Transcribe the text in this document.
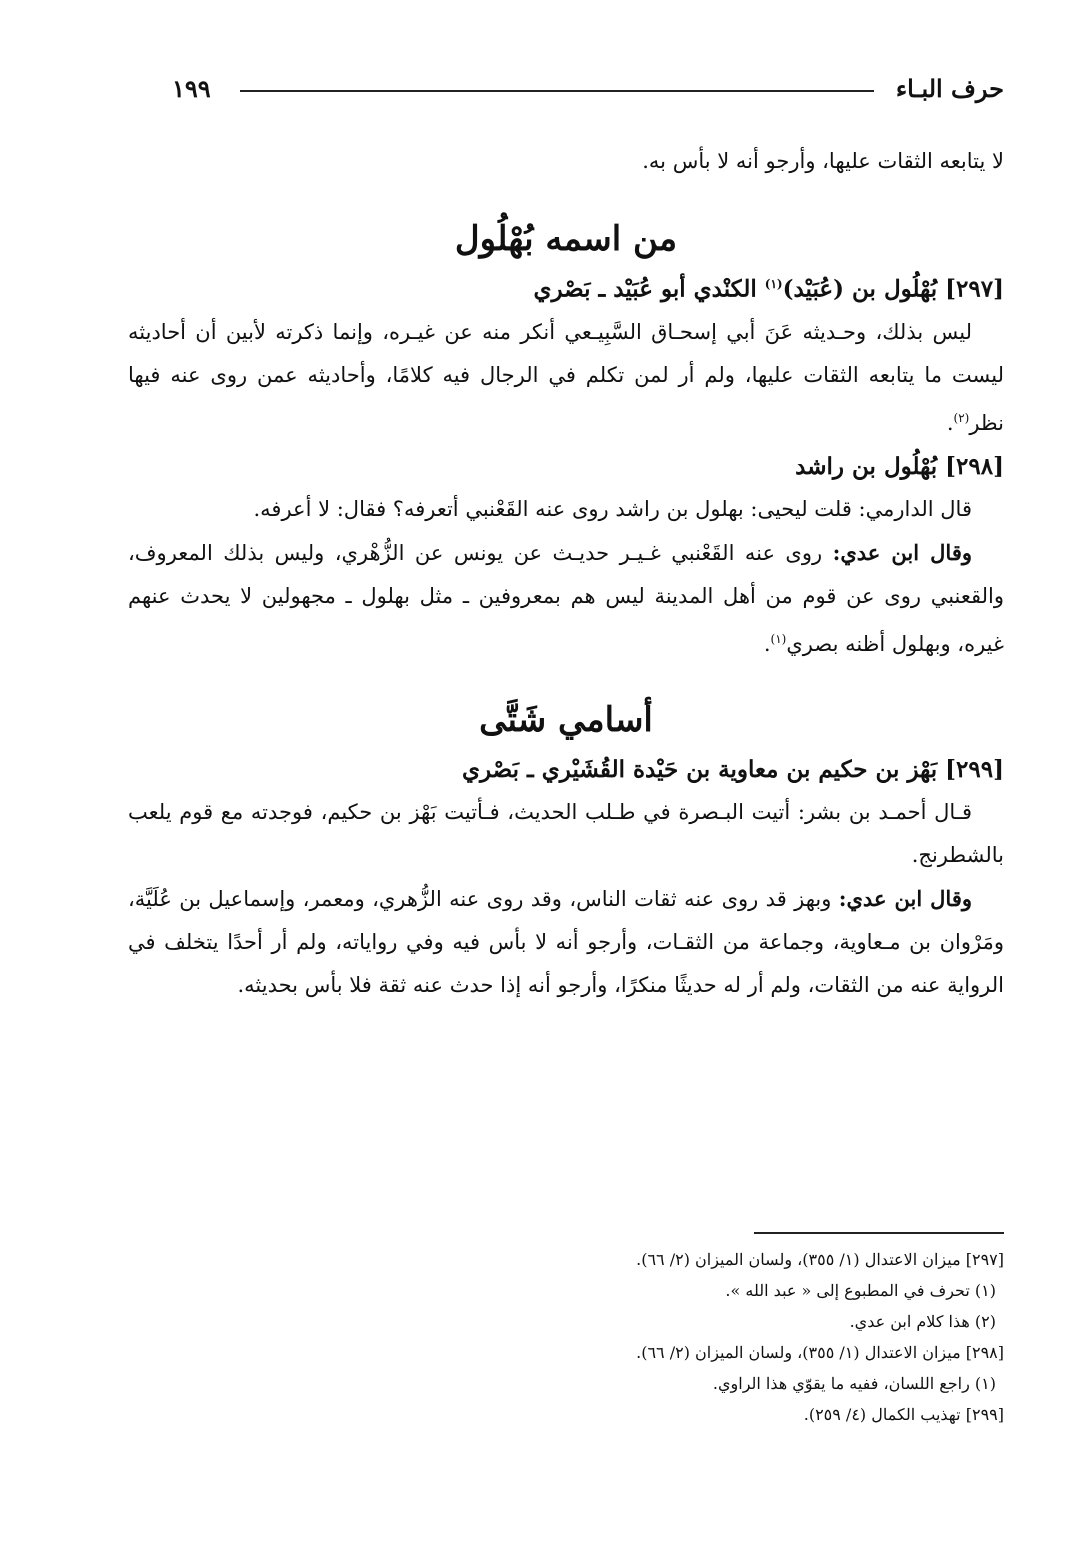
حرف البـاء
١٩٩

لا يتابعه الثقات عليها، وأرجو أنه لا بأس به.

من اسمه بُهْلُول

[٢٩٧] بُهْلُول بن (عُبَيْد)$^{(١)}$ الكنْدي أبو عُبَيْد ـ بَصْري

ليس بذلك، وحـديثه عَنَ أبي إسحـاق السَّبِيـعي أنكر منه عن غيـره، وإنما ذكرته لأبين أن أحاديثه ليست ما يتابعه الثقات عليها، ولم أر لمن تكلم في الرجال فيه كلامًا، وأحاديثه عمن روى عنه فيها نظر$^{(٢)}$.

[٢٩٨] بُهْلُول بن راشد

قال الدارمي: قلت ليحيى: بهلول بن راشد روى عنه القَعْنبي أتعرفه؟ فقال: لا أعرفه.

وقال ابن عدي: روى عنه القَعْنبي غـيـر حديـث عن يونس عن الزُّهْري، وليس بذلك المعروف، والقعنبي روى عن قوم من أهل المدينة ليس هم بمعروفين ـ مثل بهلول ـ مجهولين لا يحدث عنهم غيره، وبهلول أظنه بصري$^{(١)}$.

أسامي شَتَّى

[٢٩٩] بَهْز بن حكيم بن معاوية بن حَيْدة القُشَيْري ـ بَصْري

قـال أحمـد بن بشر: أتيت البـصرة في طـلب الحديث، فـأتيت بَهْز بن حكيم، فوجدته مع قوم يلعب بالشطرنج.

وقال ابن عدي: وبهز قد روى عنه ثقات الناس، وقد روى عنه الزُّهري، ومعمر، وإسماعيل بن عُلَيَّة، ومَرْوان بن مـعاوية، وجماعة من الثقـات، وأرجو أنه لا بأس فيه وفي رواياته، ولم أر أحدًا يتخلف في الرواية عنه من الثقات، ولم أر له حديثًا منكرًا، وأرجو أنه إذا حدث عنه ثقة فلا بأس بحديثه.

[٢٩٧] ميزان الاعتدال (١/ ٣٥٥)، ولسان الميزان (٢/ ٦٦).

(١) تحرف في المطبوع إلى « عبد الله ».

(٢) هذا كلام ابن عدي.

[٢٩٨] ميزان الاعتدال (١/ ٣٥٥)، ولسان الميزان (٢/ ٦٦).

(١) راجع اللسان، ففيه ما يقوّي هذا الراوي.

[٢٩٩] تهذيب الكمال (٤/ ٢٥٩).
